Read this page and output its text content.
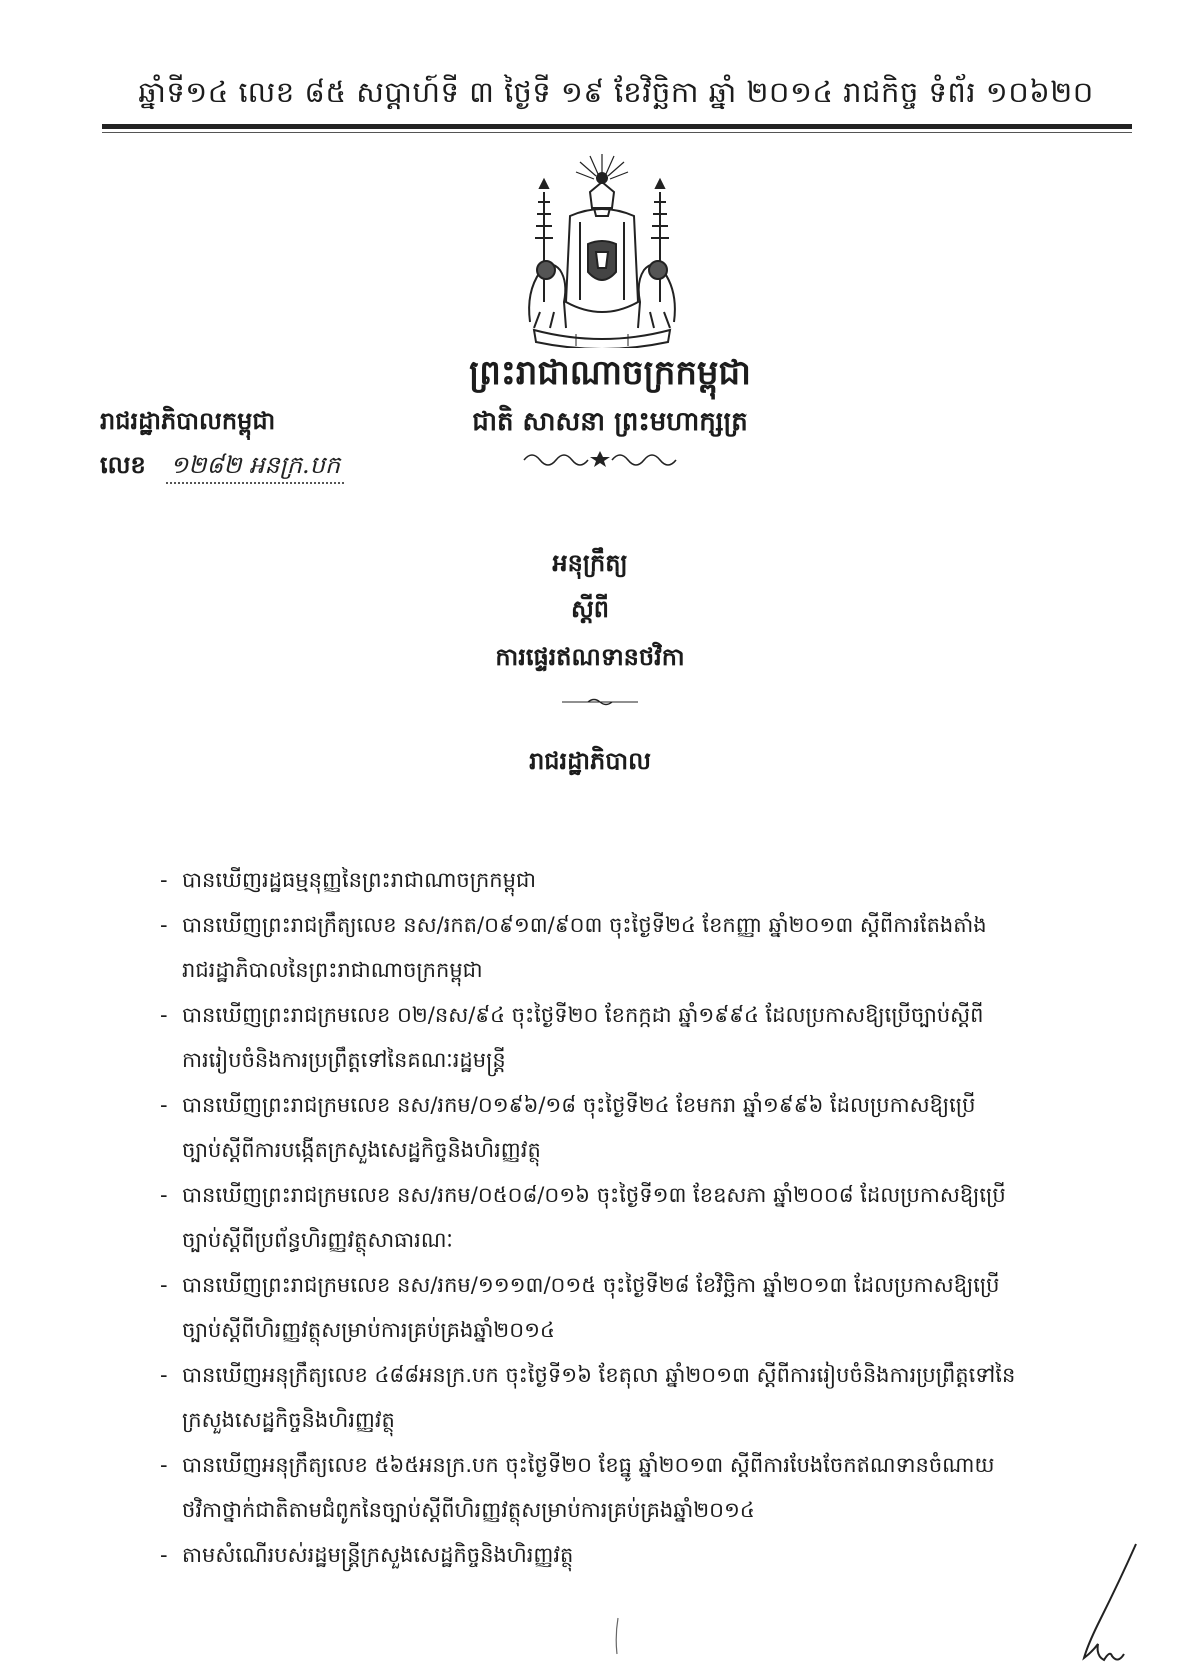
ឆ្នាំទី១៤ លេខ ៨៥ សប្តាហ៍ទី ៣ ថ្ងៃទី ១៩ ខែវិច្ឆិកា ឆ្នាំ ២០១៤ រាជកិច្ច ទំព័រ ១០៦២០
ព្រះរាជាណាចក្រកម្ពុជា
ជាតិ សាសនា ព្រះមហាក្សត្រ
រាជរដ្ឋាភិបាលកម្ពុជា
លេខ ១២៨២ អនក្រ.បក
អនុក្រឹត្យ
ស្តីពី
ការផ្ទេរឥណទានថវិកា
រាជរដ្ឋាភិបាល
- បានឃើញរដ្ឋធម្មនុញ្ញនៃព្រះរាជាណាចក្រកម្ពុជា
- បានឃើញព្រះរាជក្រឹត្យលេខ នស/រកត/០៩១៣/៩០៣ ចុះថ្ងៃទី២៤ ខែកញ្ញា ឆ្នាំ២០១៣ ស្តីពីការតែងតាំង
រាជរដ្ឋាភិបាលនៃព្រះរាជាណាចក្រកម្ពុជា
- បានឃើញព្រះរាជក្រមលេខ ០២/នស/៩៤ ចុះថ្ងៃទី២០ ខែកក្កដា ឆ្នាំ១៩៩៤ ដែលប្រកាសឱ្យប្រើច្បាប់ស្តីពី
ការរៀបចំនិងការប្រព្រឹត្តទៅនៃគណៈរដ្ឋមន្ត្រី
- បានឃើញព្រះរាជក្រមលេខ នស/រកម/០១៩៦/១៨ ចុះថ្ងៃទី២៤ ខែមករា ឆ្នាំ១៩៩៦ ដែលប្រកាសឱ្យប្រើ
ច្បាប់ស្តីពីការបង្កើតក្រសួងសេដ្ឋកិច្ចនិងហិរញ្ញវត្ថុ
- បានឃើញព្រះរាជក្រមលេខ នស/រកម/០៥០៨/០១៦ ចុះថ្ងៃទី១៣ ខែឧសភា ឆ្នាំ២០០៨ ដែលប្រកាសឱ្យប្រើ
ច្បាប់ស្តីពីប្រព័ន្ធហិរញ្ញវត្ថុសាធារណៈ
- បានឃើញព្រះរាជក្រមលេខ នស/រកម/១១១៣/០១៥ ចុះថ្ងៃទី២៨ ខែវិច្ឆិកា ឆ្នាំ២០១៣ ដែលប្រកាសឱ្យប្រើ
ច្បាប់ស្តីពីហិរញ្ញវត្ថុសម្រាប់ការគ្រប់គ្រងឆ្នាំ២០១៤
- បានឃើញអនុក្រឹត្យលេខ ៤៨៨អនក្រ.បក ចុះថ្ងៃទី១៦ ខែតុលា ឆ្នាំ២០១៣ ស្តីពីការរៀបចំនិងការប្រព្រឹត្តទៅនៃ
ក្រសួងសេដ្ឋកិច្ចនិងហិរញ្ញវត្ថុ
- បានឃើញអនុក្រឹត្យលេខ ៥៦៥អនក្រ.បក ចុះថ្ងៃទី២០ ខែធ្នូ ឆ្នាំ២០១៣ ស្តីពីការបែងចែកឥណទានចំណាយ
ថវិកាថ្នាក់ជាតិតាមជំពូកនៃច្បាប់ស្តីពីហិរញ្ញវត្ថុសម្រាប់ការគ្រប់គ្រងឆ្នាំ២០១៤
- តាមសំណើរបស់រដ្ឋមន្ត្រីក្រសួងសេដ្ឋកិច្ចនិងហិរញ្ញវត្ថុ
